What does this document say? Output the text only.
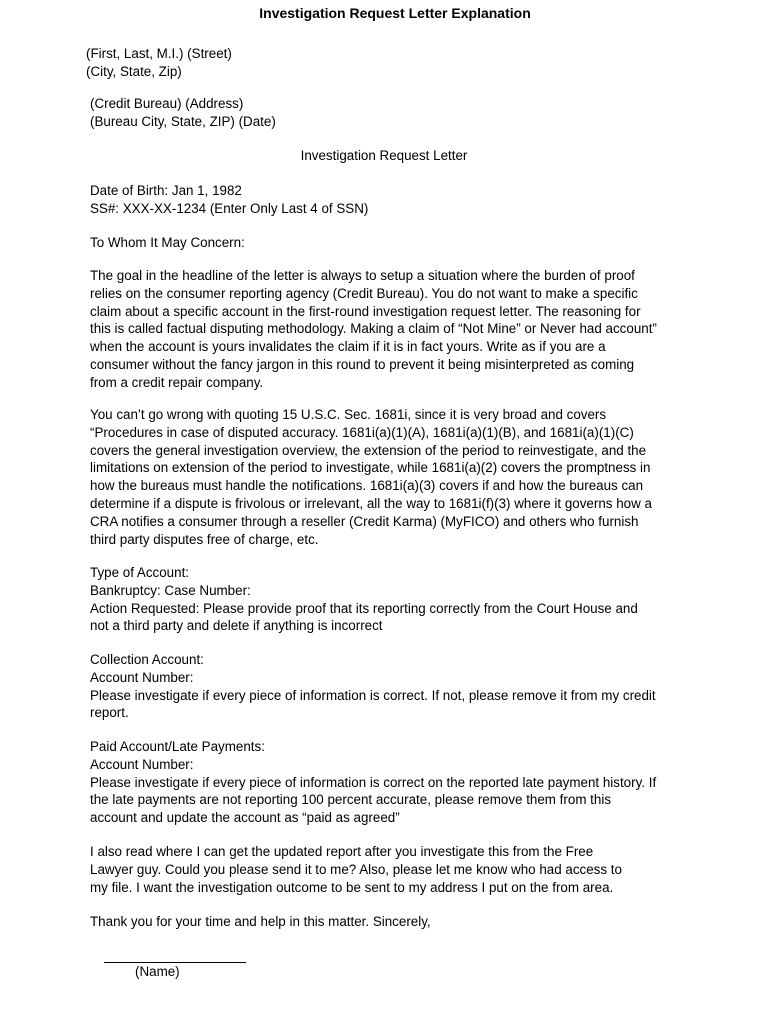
Investigation Request Letter Explanation
(First, Last, M.I.) (Street)
(City, State, Zip)
(Credit Bureau) (Address)
(Bureau City, State, ZIP) (Date)
Investigation Request Letter
Date of Birth: Jan 1, 1982
SS#: XXX-XX-1234 (Enter Only Last 4 of SSN)
To Whom It May Concern:
The goal in the headline of the letter is always to setup a situation where the burden of proof
relies on the consumer reporting agency (Credit Bureau). You do not want to make a specific
claim about a specific account in the first-round investigation request letter. The reasoning for
this is called factual disputing methodology. Making a claim of “Not Mine” or Never had account”
when the account is yours invalidates the claim if it is in fact yours. Write as if you are a
consumer without the fancy jargon in this round to prevent it being misinterpreted as coming
from a credit repair company.
You can’t go wrong with quoting 15 U.S.C. Sec. 1681i, since it is very broad and covers
“Procedures in case of disputed accuracy. 1681i(a)(1)(A), 1681i(a)(1)(B), and 1681i(a)(1)(C)
covers the general investigation overview, the extension of the period to reinvestigate, and the
limitations on extension of the period to investigate, while 1681i(a)(2) covers the promptness in
how the bureaus must handle the notifications. 1681i(a)(3) covers if and how the bureaus can
determine if a dispute is frivolous or irrelevant, all the way to 1681i(f)(3) where it governs how a
CRA notifies a consumer through a reseller (Credit Karma) (MyFICO) and others who furnish
third party disputes free of charge, etc.
Type of Account:
Bankruptcy: Case Number:
Action Requested: Please provide proof that its reporting correctly from the Court House and
not a third party and delete if anything is incorrect
Collection Account:
Account Number:
Please investigate if every piece of information is correct. If not, please remove it from my credit
report.
Paid Account/Late Payments:
Account Number:
Please investigate if every piece of information is correct on the reported late payment history. If
the late payments are not reporting 100 percent accurate, please remove them from this
account and update the account as “paid as agreed”
I also read where I can get the updated report after you investigate this from the Free
Lawyer guy. Could you please send it to me? Also, please let me know who had access to
my file. I want the investigation outcome to be sent to my address I put on the from area.
Thank you for your time and help in this matter. Sincerely,
(Name)
